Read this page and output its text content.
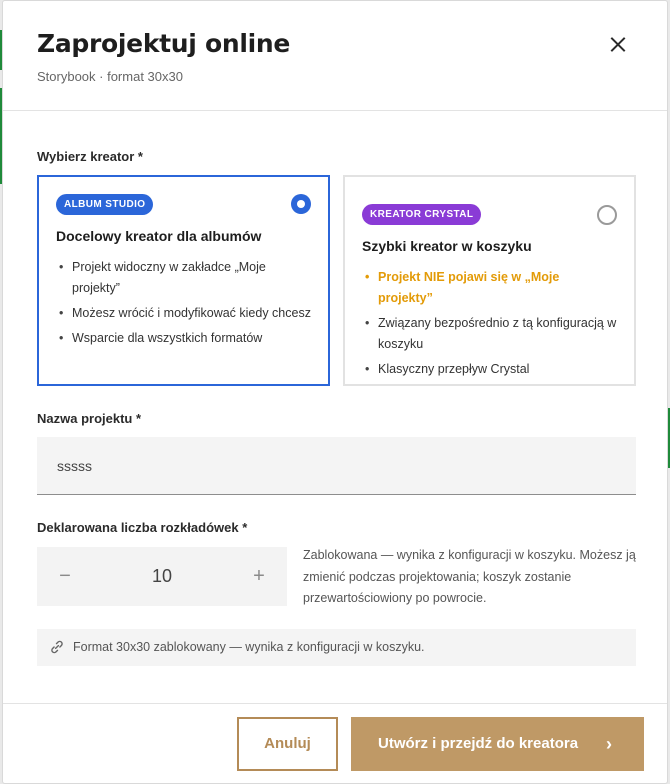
Zaprojektuj online
Storybook · format 30x30
Wybierz kreator *
ALBUM STUDIO
Docelowy kreator dla albumów
• Projekt widoczny w zakładce „Moje projekty”
• Możesz wrócić i modyfikować kiedy chcesz
• Wsparcie dla wszystkich formatów
KREATOR CRYSTAL
Szybki kreator w koszyku
• Projekt NIE pojawi się w „Moje projekty”
• Związany bezpośrednio z tą konfiguracją w koszyku
• Klasyczny przepływ Crystal
Nazwa projektu *
sssss
Deklarowana liczba rozkładówek *
−	10	+
Zablokowana — wynika z konfiguracji w koszyku. Możesz ją zmienić podczas projektowania; koszyk zostanie przewartościowiony po powrocie.
Format 30x30 zablokowany — wynika z konfiguracji w koszyku.
Anuluj	Utwórz i przejdź do kreatora ›
